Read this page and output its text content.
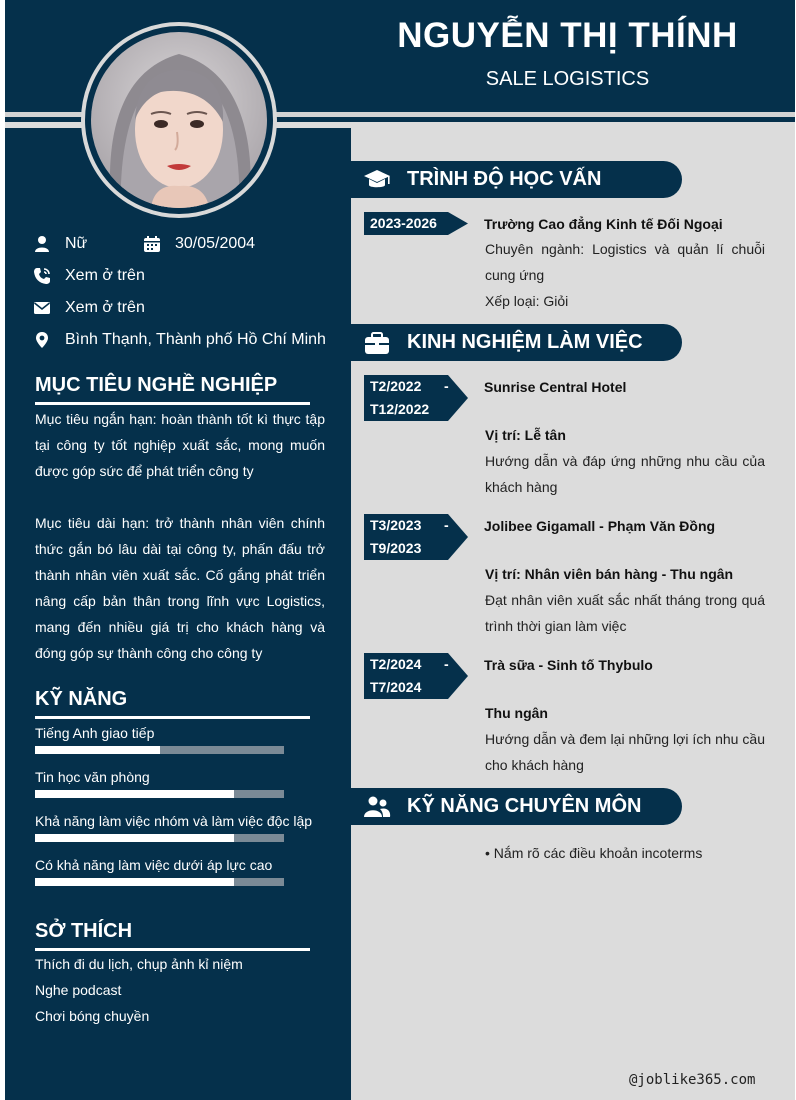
NGUYỄN THỊ THÍNH
SALE LOGISTICS
Nữ	30/05/2004
Xem ở trên
Xem ở trên
Bình Thạnh, Thành phố Hồ Chí Minh
MỤC TIÊU NGHỀ NGHIỆP
Mục tiêu ngắn hạn: hoàn thành tốt kì thực tập tại công ty tốt nghiệp xuất sắc, mong muốn được góp sức để phát triển công ty
Mục tiêu dài hạn: trở thành nhân viên chính thức gắn bó lâu dài tại công ty, phấn đấu trở thành nhân viên xuất sắc. Cố gắng phát triển nâng cấp bản thân trong lĩnh vực Logistics, mang đến nhiều giá trị cho khách hàng và đóng góp sự thành công cho công ty
KỸ NĂNG
Tiếng Anh giao tiếp
Tin học văn phòng
Khả năng làm việc nhóm và làm việc độc lập
Có khả năng làm việc dưới áp lực cao
SỞ THÍCH
Thích đi du lịch, chụp ảnh kỉ niệm
Nghe podcast
Chơi bóng chuyền
TRÌNH ĐỘ HỌC VẤN
2023-2026	Trường Cao đẳng Kinh tế Đối Ngoại
Chuyên ngành: Logistics và quản lí chuỗi cung ứng
Xếp loại: Giỏi
KINH NGHIỆM LÀM VIỆC
T2/2022 -

T12/2022
Sunrise Central Hotel
Vị trí: Lễ tân
Hướng dẫn và đáp ứng những nhu cầu của khách hàng
T3/2023 -

T9/2023
Jolibee Gigamall - Phạm Văn Đồng
Vị trí: Nhân viên bán hàng - Thu ngân
Đạt nhân viên xuất sắc nhất tháng trong quá trình thời gian làm việc
T2/2024 -

T7/2024
Trà sữa - Sinh tố Thybulo
Thu ngân
Hướng dẫn và đem lại những lợi ích nhu cầu cho khách hàng
KỸ NĂNG CHUYÊN MÔN
• Nắm rõ các điều khoản incoterms
@joblike365.com
